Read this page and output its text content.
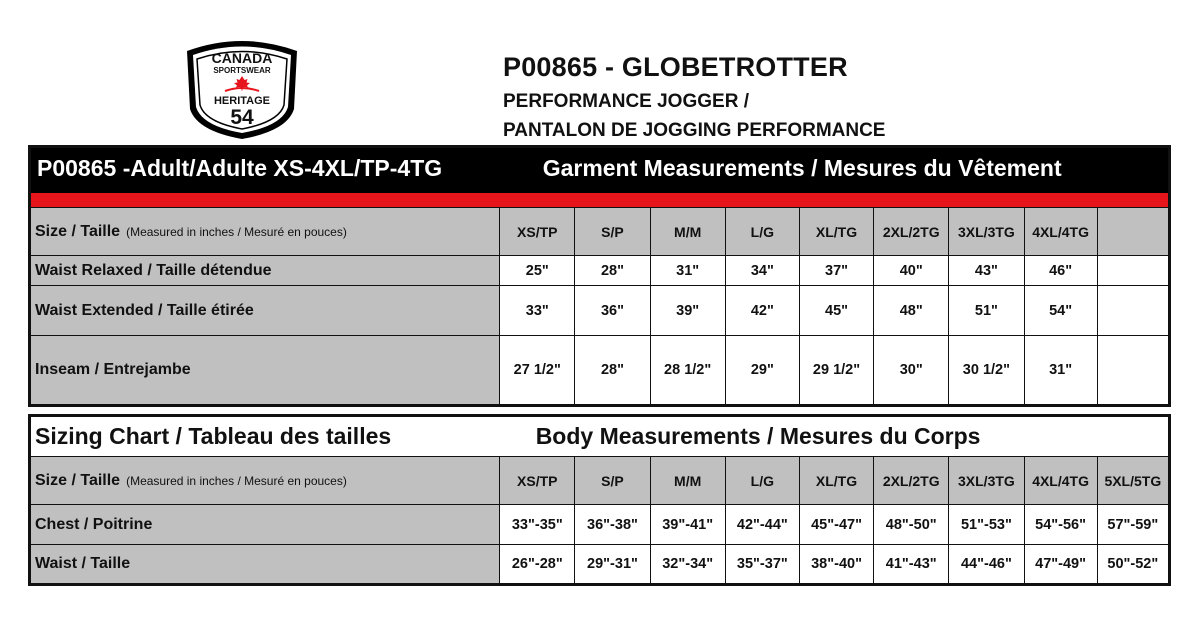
CANADA
SPORTSWEAR
HERITAGE
54
P00865 - GLOBETROTTER
PERFORMANCE JOGGER /
PANTALON DE JOGGING PERFORMANCE
P00865 -Adult/Adulte XS-4XL/TP-4TG	Garment Measurements / Mesures du Vêtement								

Size / Taille (Measured in inches / Mesuré en pouces)	XS/TP	S/P	M/M	L/G	XL/TG	2XL/2TG	3XL/3TG	4XL/4TG	
Waist Relaxed / Taille détendue	25"	28"	31"	34"	37"	40"	43"	46"	
Waist Extended / Taille étirée	33"	36"	39"	42"	45"	48"	51"	54"	
Inseam / Entrejambe	27 1/2"	28"	28 1/2"	29"	29 1/2"	30"	30 1/2"	31"	
Sizing Chart / Tableau des tailles	Body Measurements / Mesures du Corps								
Size / Taille (Measured in inches / Mesuré en pouces)	XS/TP	S/P	M/M	L/G	XL/TG	2XL/2TG	3XL/3TG	4XL/4TG	5XL/5TG
Chest / Poitrine	33"-35"	36"-38"	39"-41"	42"-44"	45"-47"	48"-50"	51"-53"	54"-56"	57"-59"
Waist / Taille	26"-28"	29"-31"	32"-34"	35"-37"	38"-40"	41"-43"	44"-46"	47"-49"	50"-52"
